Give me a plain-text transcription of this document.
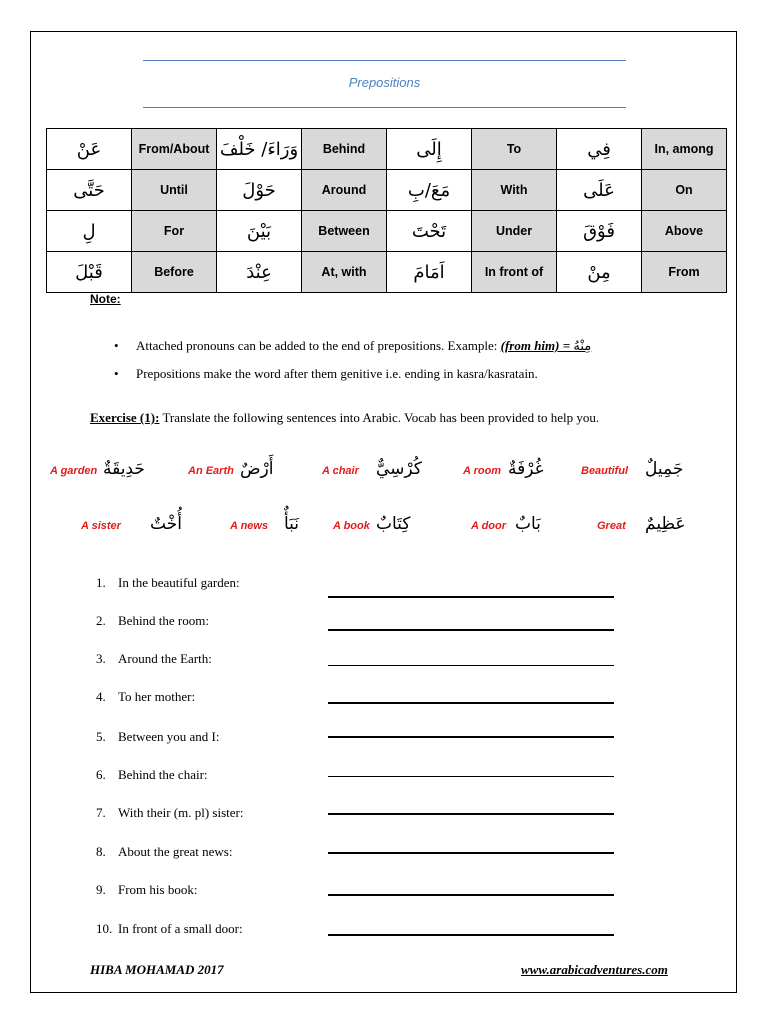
Prepositions
عَنْ	From/About	وَرَاءَ/ خَلْفَ	Behind	إِلَى	To	فِي	In, among
حَتَّى	Until	حَوْلَ	Around	مَعَ/بِ	With	عَلَى	On
لِ	For	بَيْنَ	Between	تَحْتَ	Under	فَوْقَ	Above
قَبْلَ	Before	عِنْدَ	At, with	اَمَامَ	In front of	مِنْ	From
Note:
• Attached pronouns can be added to the end of prepositions. Example: (from him) = مِنْهُ
• Prepositions make the word after them genitive i.e. ending in kasra/kasratain.
Exercise (1): Translate the following sentences into Arabic. Vocab has been provided to help you.
A garden حَدِيقَةٌ	An Earth أَرْضٌ	A chair كُرْسِيٌّ	A room غُرْفَةٌ	Beautiful جَمِيلٌ
A sister أُخْتٌ	A news نَبَأٌ	A book كِتَابٌ	A door بَابٌ	Great عَظِيمٌ
1. In the beautiful garden:
2. Behind the room:
3. Around the Earth:
4. To her mother:
5. Between you and I:
6. Behind the chair:
7. With their (m. pl) sister:
8. About the great news:
9. From his book:
10. In front of a small door:
HIBA MOHAMAD 2017	www.arabicadventures.com
